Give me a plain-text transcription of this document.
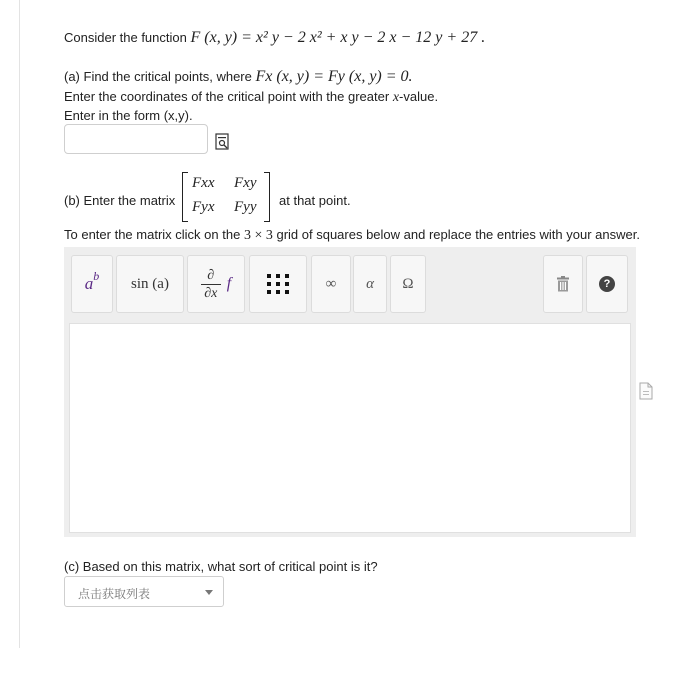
Consider the function F (x, y) = x² y − 2 x² + x y − 2 x − 12 y + 27 .
(a) Find the critical points, where Fx (x, y) = Fy (x, y) = 0.
Enter the coordinates of the critical point with the greater x-value.
Enter in the form (x,y).
(b) Enter the matrix
Fxx Fxy
Fyx Fyy at that point.
To enter the matrix click on the 3 × 3 grid of squares below and replace the entries with your answer.
a b $\sin (a) \frac{\partial}{\partial x}$ f	∞ α Ω	?
(c) Based on this matrix, what sort of critical point is it?
点击获取列表
